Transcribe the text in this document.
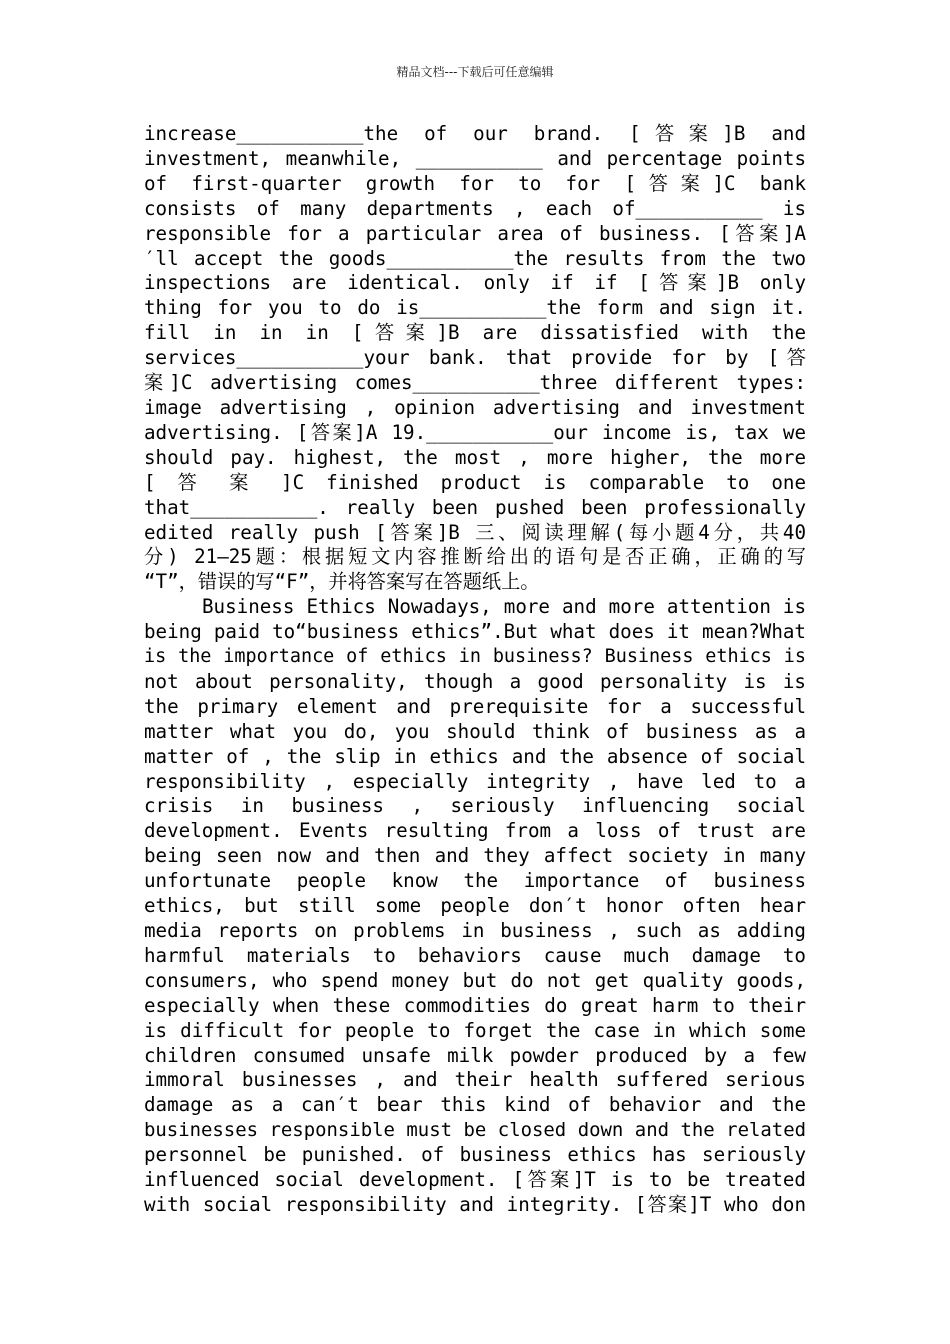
精品文档---下载后可任意编辑
increase___________the of our brand. [答案]B and
investment, meanwhile, ___________ and percentage points
of first-quarter growth for to for [答案]C bank
consists of many departments , each of___________ is
responsible for a particular area of business. [答案]A
′ll accept the goods___________the results from the two
inspections are identical. only if if [答案]B only
thing for you to do is___________the form and sign it.
fill in in in [答案]B are dissatisfied with the
services___________your bank. that provide for by [答
案]C advertising comes___________three different types:
image advertising , opinion advertising and investment
advertising. [答案]A 19.___________our income is, tax we
should pay. highest, the most , more higher, the more
[ 答 案 ]C finished product is comparable to one
that___________. really been pushed been professionally
edited really push [答案]B 三、阅读理解(每小题4分，共40
分) 21—25题：根据短文内容推断给出的语句是否正确，正确的写
“T”，错误的写“F”，并将答案写在答题纸上。
Business Ethics Nowadays, more and more attention is
being paid to“business ethics”.But what does it mean?What
is the importance of ethics in business? Business ethics is
not about personality, though a good personality is is
the primary element and prerequisite for a successful
matter what you do, you should think of business as a
matter of , the slip in ethics and the absence of social
responsibility , especially integrity , have led to a
crisis in business , seriously influencing social
development. Events resulting from a loss of trust are
being seen now and then and they affect society in many
unfortunate people know the importance of business
ethics, but still some people don′t honor often hear
media reports on problems in business , such as adding
harmful materials to behaviors cause much damage to
consumers, who spend money but do not get quality goods,
especially when these commodities do great harm to their
is difficult for people to forget the case in which some
children consumed unsafe milk powder produced by a few
immoral businesses , and their health suffered serious
damage as a can′t bear this kind of behavior and the
businesses responsible must be closed down and the related
personnel be punished. of business ethics has seriously
influenced social development. [答案]T is to be treated
with social responsibility and integrity. [答案]T who don
